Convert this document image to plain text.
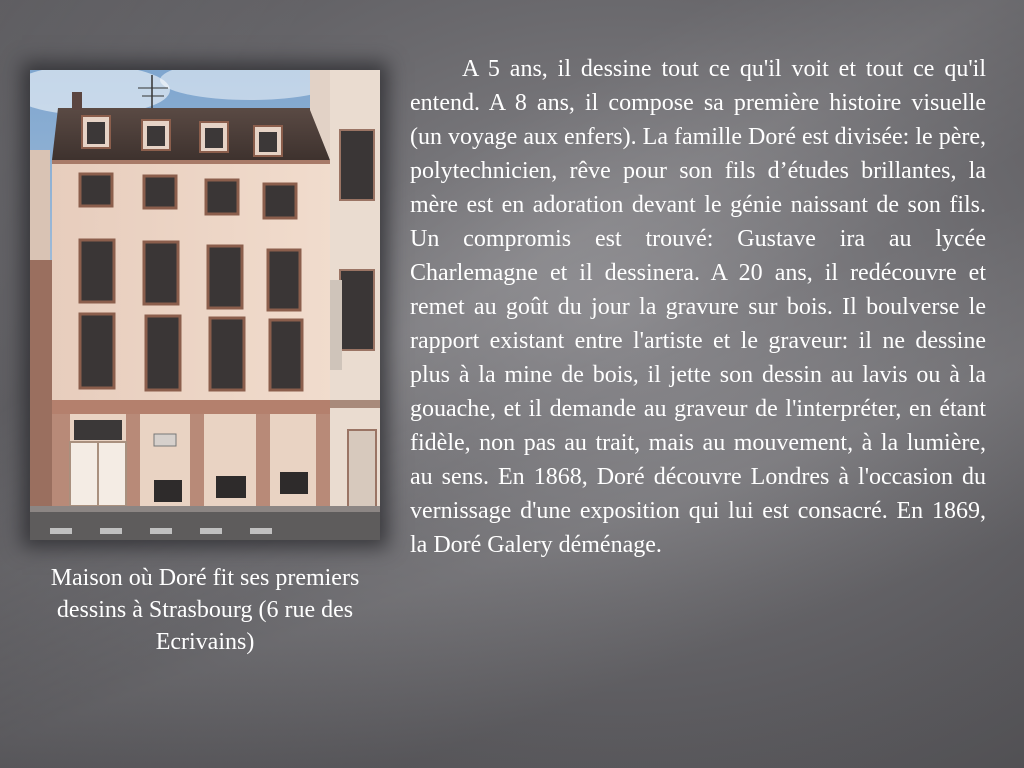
Maison où Doré fit ses premiers dessins à Strasbourg (6 rue des Ecrivains)

A 5 ans, il dessine tout ce qu'il voit et tout ce qu'il entend. A 8 ans, il compose sa première histoire visuelle (un voyage aux enfers). La famille Doré est divisée: le père, polytechnicien, rêve pour son fils d’études brillantes, la mère est en adoration devant le génie naissant de son fils. Un compromis est trouvé: Gustave ira au lycée Charlemagne et il dessinera. A 20 ans, il redécouvre et remet au goût du jour la gravure sur bois. Il boulverse le rapport existant entre l'artiste et le graveur: il ne dessine plus à la mine de bois, il jette son dessin au lavis ou à la gouache, et il demande au graveur de l'interpréter, en étant fidèle, non pas au trait, mais au mouvement, à la lumière, au sens. En 1868, Doré découvre Londres à l'occasion du vernissage d'une exposition qui lui est consacré. En 1869, la Doré Galery déménage.
